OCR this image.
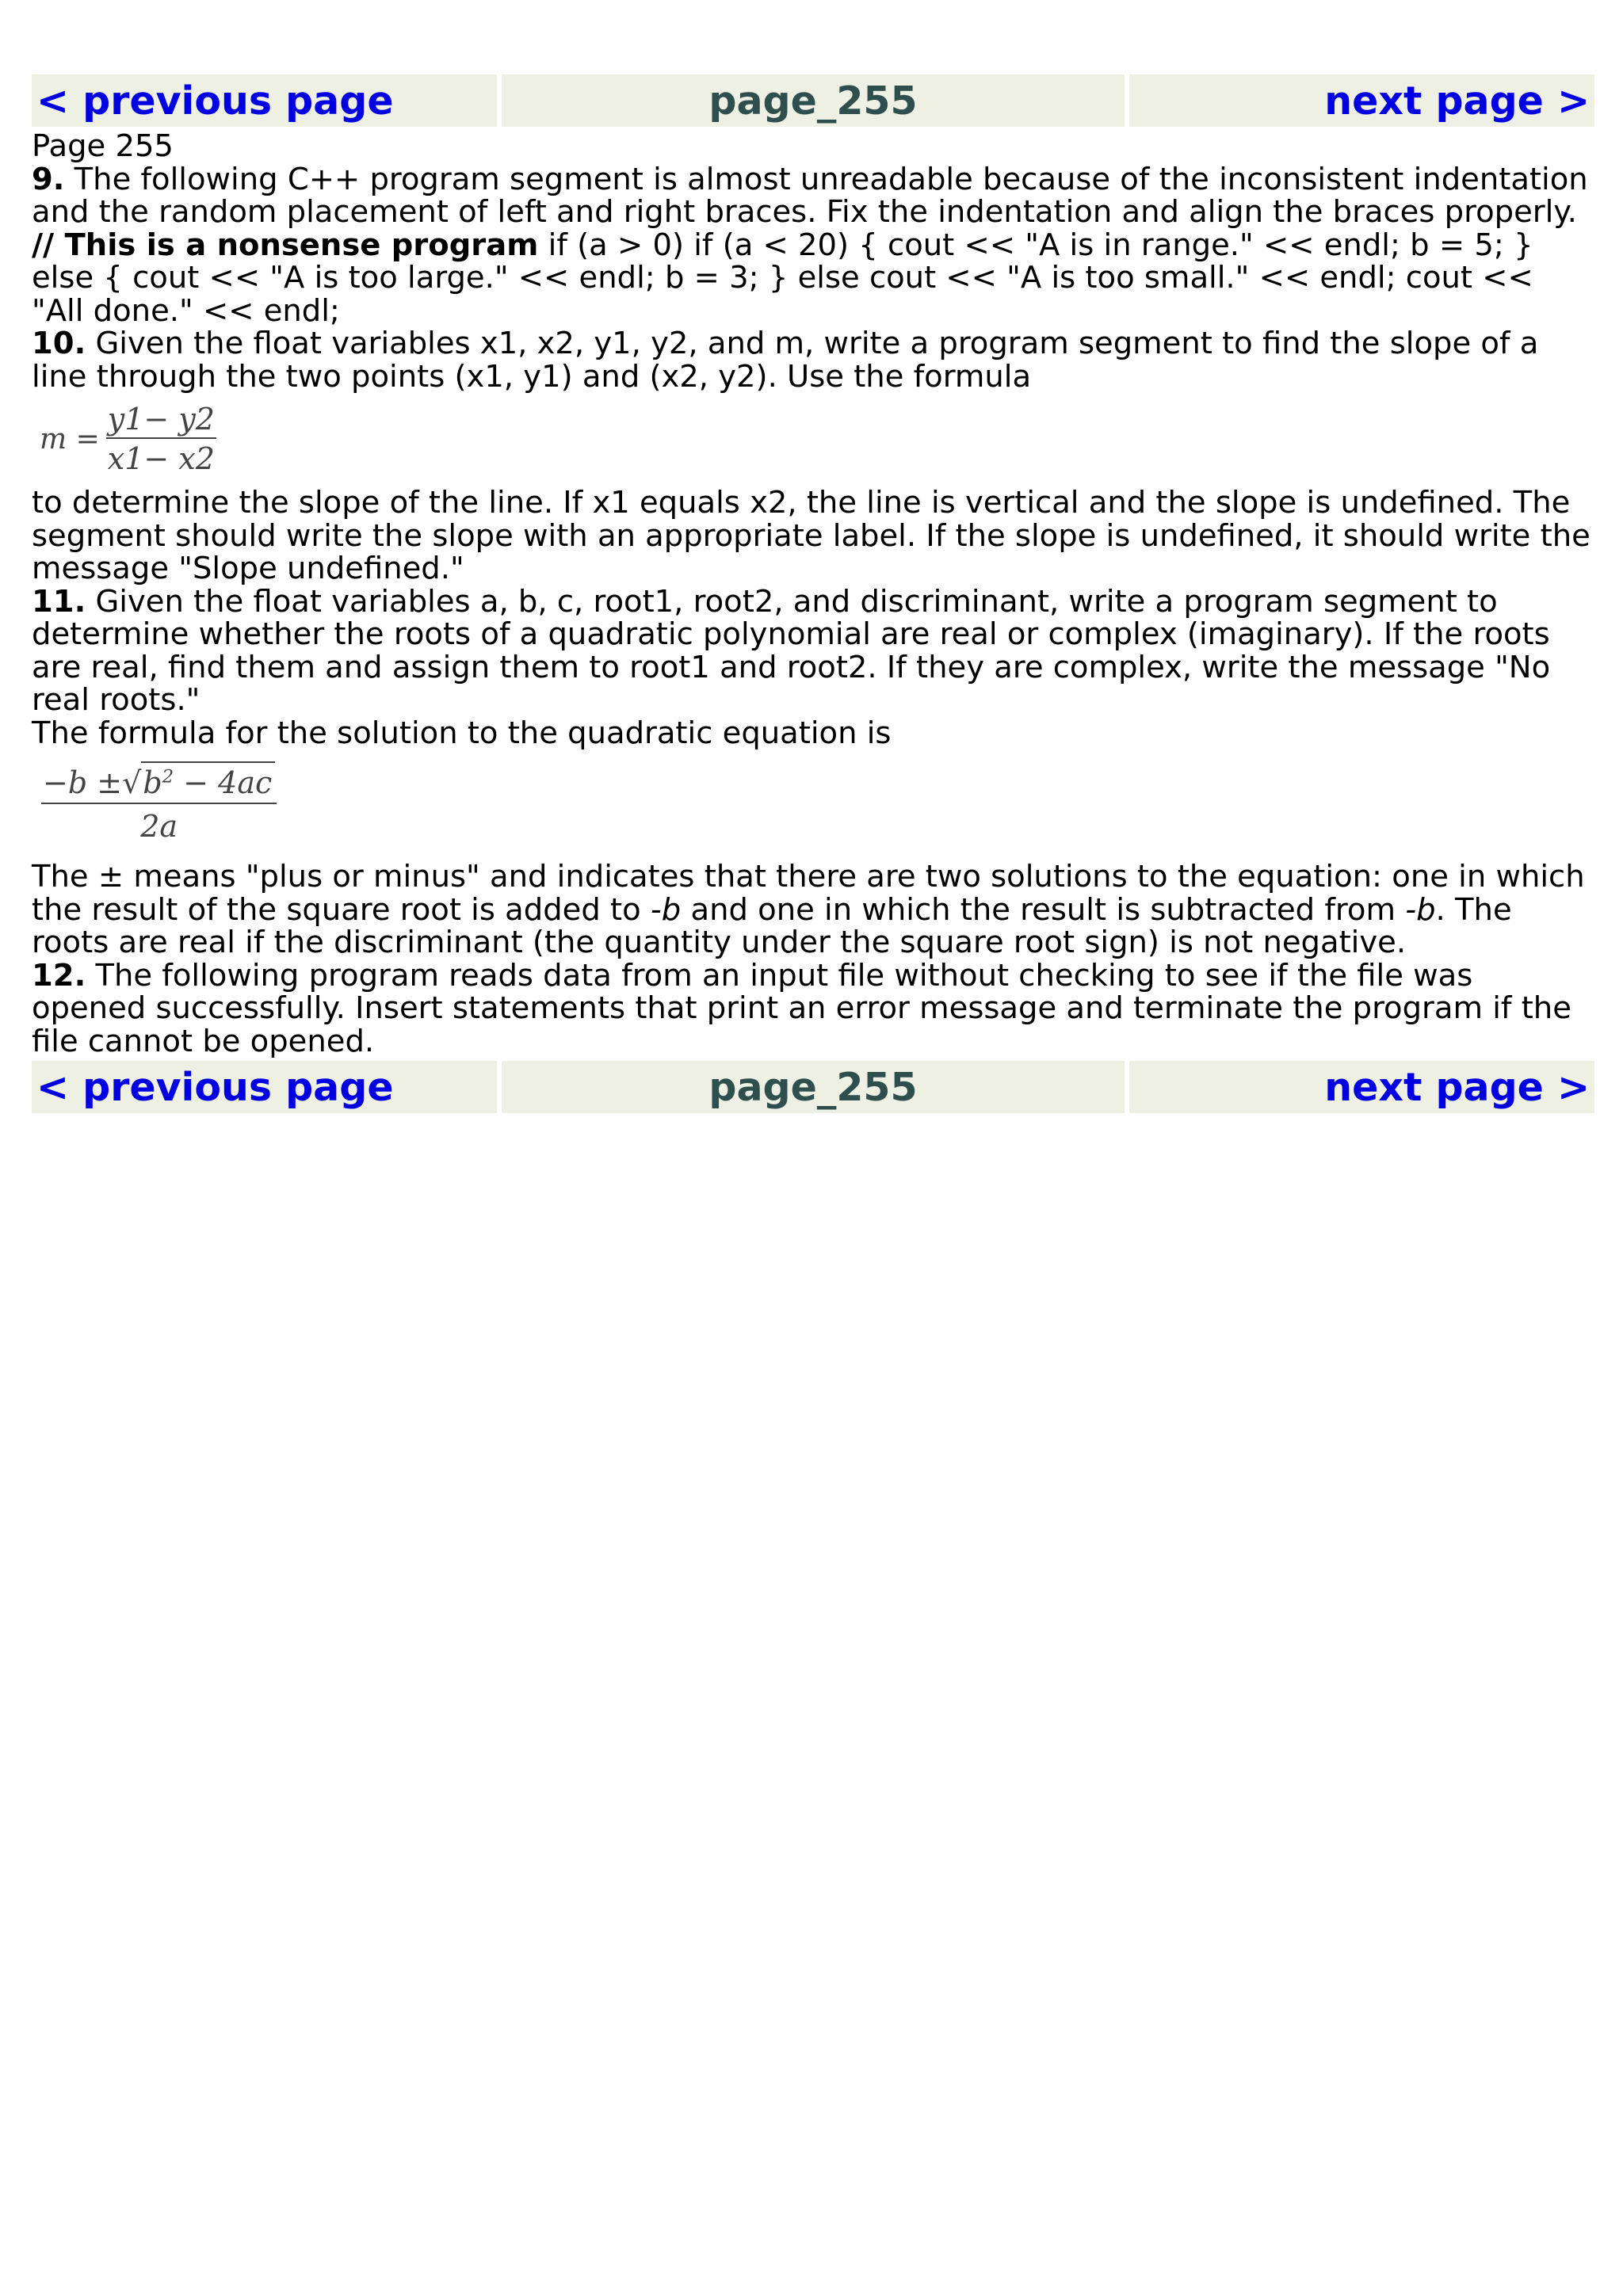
< previous page	page_255	next page >

Page 255

9. The following C++ program segment is almost unreadable because of the inconsistent indentation and the random placement of left and right braces. Fix the indentation and align the braces properly.

// This is a nonsense program if (a > 0) if (a < 20) { cout << "A is in range." << endl; b = 5; } else { cout << "A is too large." << endl; b = 3; } else cout << "A is too small." << endl; cout << "All done." << endl;

10. Given the float variables x1, x2, y1, y2, and m, write a program segment to find the slope of a line through the two points (x1, y1) and (x2, y2). Use the formula

$m = \frac{y1- y2}{x1- x2}$

to determine the slope of the line. If x1 equals x2, the line is vertical and the slope is undefined. The segment should write the slope with an appropriate label. If the slope is undefined, it should write the message "Slope undefined."

11. Given the float variables a, b, c, root1, root2, and discriminant, write a program segment to determine whether the roots of a quadratic polynomial are real or complex (imaginary). If the roots are real, find them and assign them to root1 and root2. If they are complex, write the message "No real roots."

The formula for the solution to the quadratic equation is

$\frac{-b \pm √ b^2 - 4ac}{2a}$

The ± means "plus or minus" and indicates that there are two solutions to the equation: one in which the result of the square root is added to -b and one in which the result is subtracted from -b. The roots are real if the discriminant (the quantity under the square root sign) is not negative.

12. The following program reads data from an input file without checking to see if the file was opened successfully. Insert statements that print an error message and terminate the program if the file cannot be opened.

< previous page	page_255	next page >
